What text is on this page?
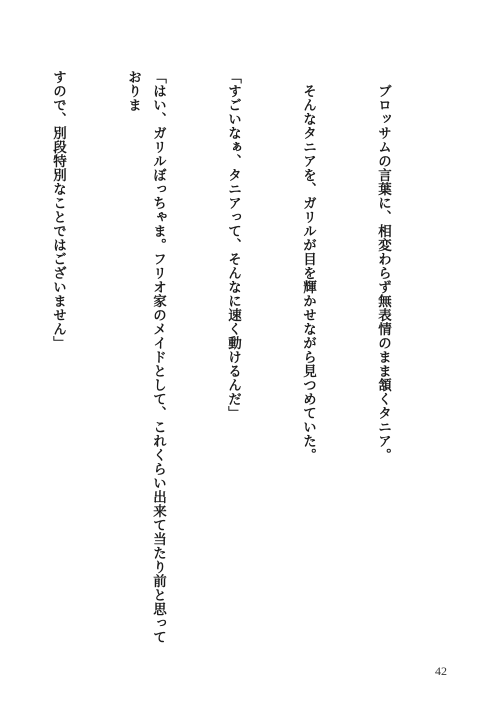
　ブロッサムの言葉に、相変わらず無表情のまま頷くタニア。

　そんなタニアを、ガリルが目を輝かせながら見つめていた。

「すごいなぁ、タニアって、そんなに速く動けるんだ」

「はい、ガリルぼっちゃま。フリオ家のメイドとして、これくらい出来て当たり前と思っておりま

すので、別段特別なことではございません」

42
